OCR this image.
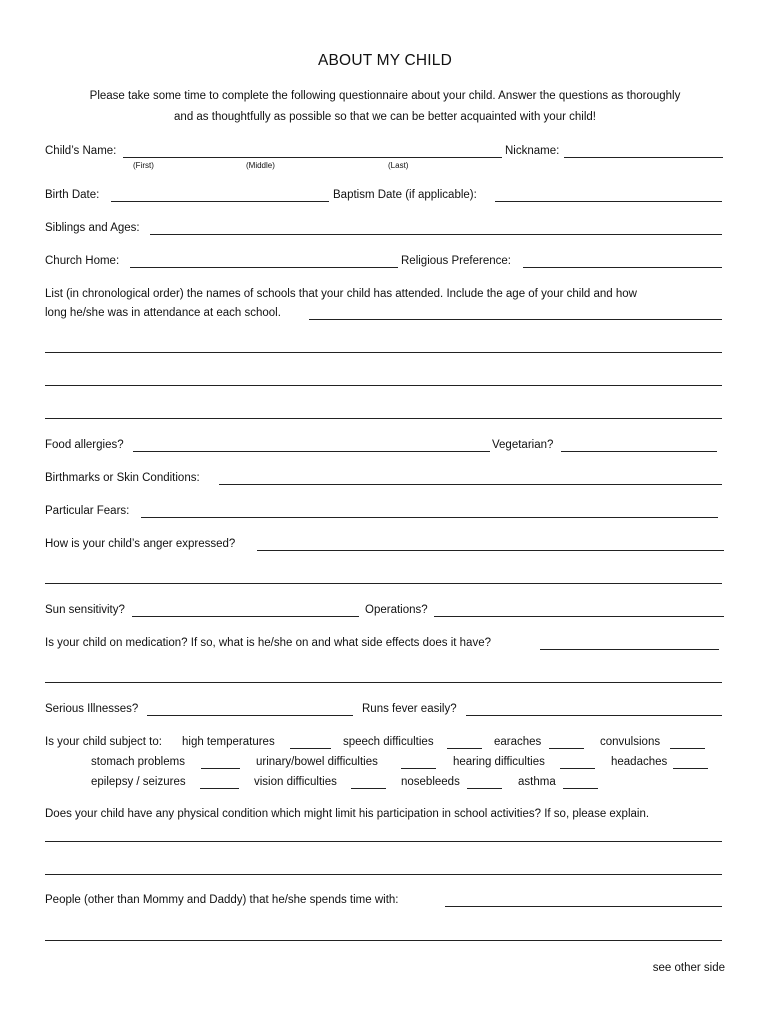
ABOUT MY CHILD
Please take some time to complete the following questionnaire about your child. Answer the questions as thoroughly
and as thoughtfully as possible so that we can be better acquainted with your child!
Child’s Name:
(First)	(Middle)	(Last)
Nickname:
Birth Date:	Baptism Date (if applicable):
Siblings and Ages:
Church Home:	Religious Preference:
List (in chronological order) the names of schools that your child has attended. Include the age of your child and how
long he/she was in attendance at each school.
Food allergies?	Vegetarian?
Birthmarks or Skin Conditions:
Particular Fears:
How is your child’s anger expressed?
Sun sensitivity?	Operations?
Is your child on medication? If so, what is he/she on and what side effects does it have?
Serious Illnesses?	Runs fever easily?
Is your child subject to: high temperatures	speech difficulties	earaches	convulsions
stomach problems	urinary/bowel difficulties	hearing difficulties	headaches
epilepsy / seizures	vision difficulties	nosebleeds	asthma
Does your child have any physical condition which might limit his participation in school activities? If so, please explain.
People (other than Mommy and Daddy) that he/she spends time with:
see other side
